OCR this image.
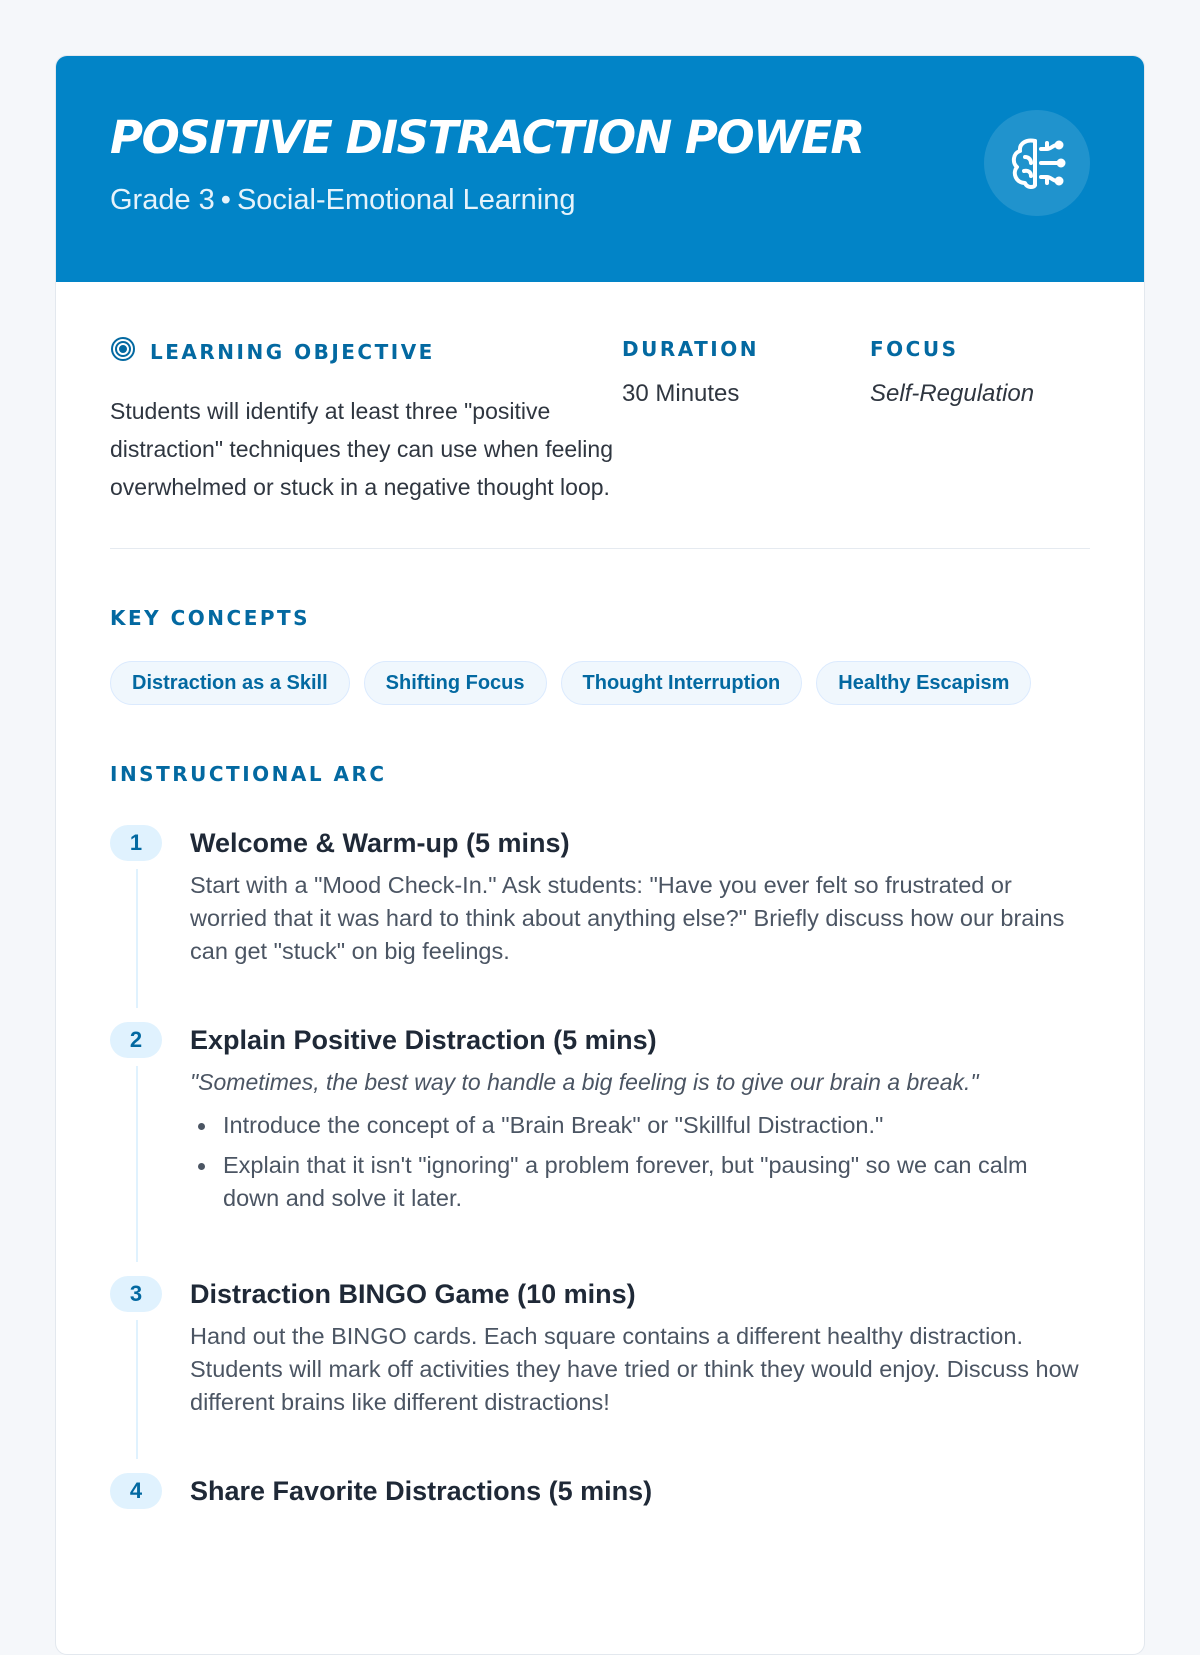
POSITIVE DISTRACTION POWER
Grade 3 • Social-Emotional Learning
LEARNING OBJECTIVE
Students will identify at least three "positive distraction" techniques they can use when feeling overwhelmed or stuck in a negative thought loop.
DURATION
30 Minutes
FOCUS
Self-Regulation
KEY CONCEPTS
Distraction as a Skill	Shifting Focus	Thought Interruption	Healthy Escapism
INSTRUCTIONAL ARC
1	Welcome & Warm-up (5 mins)
Start with a "Mood Check-In." Ask students: "Have you ever felt so frustrated or worried that it was hard to think about anything else?" Briefly discuss how our brains can get "stuck" on big feelings.
2	Explain Positive Distraction (5 mins)
"Sometimes, the best way to handle a big feeling is to give our brain a break."
Introduce the concept of a "Brain Break" or "Skillful Distraction."
Explain that it isn't "ignoring" a problem forever, but "pausing" so we can calm down and solve it later.
3	Distraction BINGO Game (10 mins)
Hand out the BINGO cards. Each square contains a different healthy distraction. Students will mark off activities they have tried or think they would enjoy. Discuss how different brains like different distractions!
4	Share Favorite Distractions (5 mins)
